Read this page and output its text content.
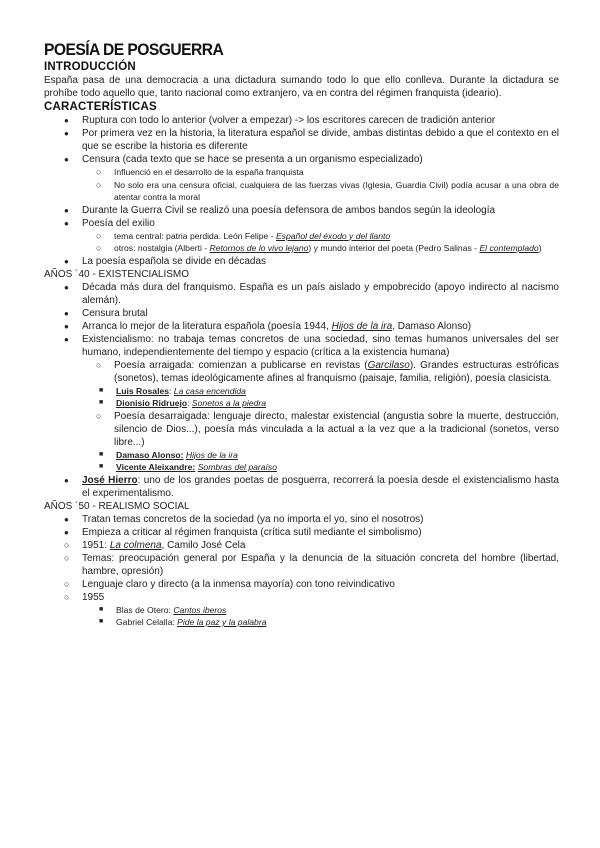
POESÍA DE POSGUERRA

INTRODUCCIÓN

España pasa de una democracia a una dictadura sumando todo lo que ello conlleva. Durante la dictadura se prohíbe todo aquello que, tanto nacional como extranjero, va en contra del régimen franquista (ideario).

CARACTERÍSTICAS

●
Ruptura con todo lo anterior (volver a empezar) -> los escritores carecen de tradición anterior
●
Por primera vez en la historia, la literatura español se divide, ambas distintas debido a que el contexto en el que se escribe la historia es diferente
●
Censura (cada texto que se hace se presenta a un organismo especializado)
○
Influenció en el desarrollo de la españa franquista
○
No solo era una censura oficial, cualquiera de las fuerzas vivas (Iglesia, Guardia Civil) podía acusar a una obra de atentar contra la moral
●
Durante la Guerra Civil se realizó una poesía defensora de ambos bandos según la ideología
●
Poesía del exilio
○
tema central: patria perdida. León Felipe - Español del éxodo y del llanto
○
otros: nostalgia (Alberti - Retornos de lo vivo lejano) y mundo interior del poeta (Pedro Salinas - El contemplado)
●
La poesía española se divide en décadas

AÑOS ´40 - EXISTENCIALISMO

●
Década más dura del franquismo. España es un país aislado y empobrecido (apoyo indirecto al nacismo alemán).
●
Censura brutal
●
Arranca lo mejor de la literatura española (poesía 1944, Hijos de la ira, Damaso Alonso)
●
Existencialismo: no trabaja temas concretos de una sociedad, sino temas humanos universales del ser humano, independientemente del tiempo y espacio (crítica a la existencia humana)
○
Poesía arraigada: comienzan a publicarse en revistas (Garcilaso). Grandes estructuras estróficas (sonetos), temas ideológicamente afines al franquismo (paisaje, familia, religión), poesía clasicista.
■
Luis Rosales: La casa encendida
■
Dionisio Ridruejo: Sonetos a la piedra
○
Poesía desarraigada: lenguaje directo, malestar existencial (angustia sobre la muerte, destrucción, silencio de Dios...), poesía más vinculada a la actual a la vez que a la tradicional (sonetos, verso libre...)
■
Damaso Alonso: Hijos de la ira
■
Vicente Aleixandre: Sombras del paraíso
●
José Hierro: uno de los grandes poetas de posguerra, recorrerá la poesía desde el existencialismo hasta el experimentalismo.

AÑOS ´50 - REALISMO SOCIAL

●
Tratan temas concretos de la sociedad (ya no importa el yo, sino el nosotros)
●
Empieza a criticar al régimen franquista (crítica sutil mediante el simbolismo)
○
1951: La colmena, Camilo José Cela
○
Temas: preocupación general por España y la denuncia de la situación concreta del hombre (libertad, hambre, opresión)
○
Lenguaje claro y directo (a la inmensa mayoría) con tono reivindicativo
○
1955
■
Blas de Otero: Cantos iberos
■
Gabriel Celalla: Pide la paz y la palabra
